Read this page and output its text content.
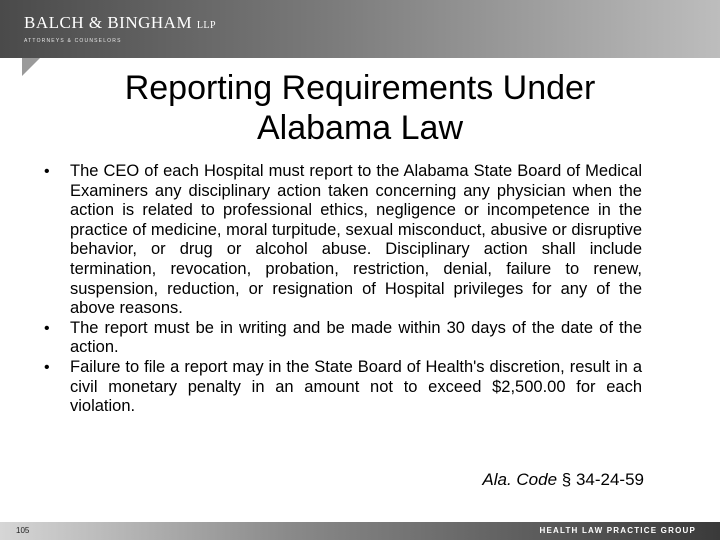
BALCH & BINGHAM LLP
ATTORNEYS & COUNSELORS
Reporting Requirements Under
Alabama Law
• The CEO of each Hospital must report to the Alabama State Board of Medical Examiners any disciplinary action taken concerning any physician when the action is related to professional ethics, negligence or incompetence in the practice of medicine, moral turpitude, sexual misconduct, abusive or disruptive behavior, or drug or alcohol abuse. Disciplinary action shall include termination, revocation, probation, restriction, denial, failure to renew, suspension, reduction, or resignation of Hospital privileges for any of the above reasons.
• The report must be in writing and be made within 30 days of the date of the action.
• Failure to file a report may in the State Board of Health's discretion, result in a civil monetary penalty in an amount not to exceed $2,500.00 for each violation.
Ala. Code § 34-24-59
105	HEALTH LAW PRACTICE GROUP
